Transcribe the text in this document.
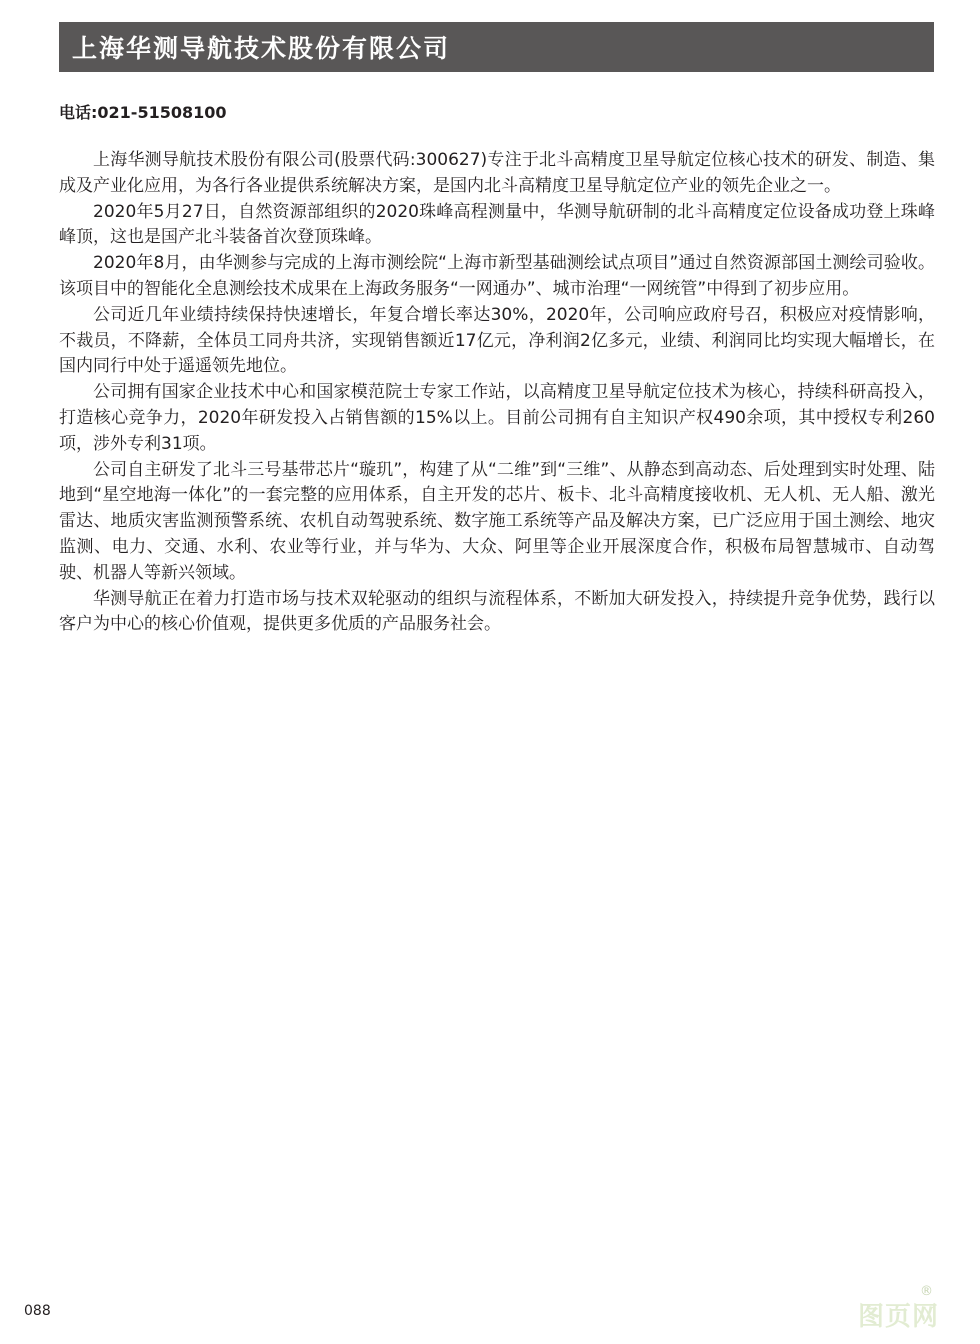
上海华测导航技术股份有限公司
电话:021-51508100

上海华测导航技术股份有限公司(股票代码:300627)专注于北斗高精度卫星导航定位核心技术的研发、制造、集成及产业化应用，为各行各业提供系统解决方案，是国内北斗高精度卫星导航定位产业的领先企业之一。

2020年5月27日，自然资源部组织的2020珠峰高程测量中，华测导航研制的北斗高精度定位设备成功登上珠峰峰顶，这也是国产北斗装备首次登顶珠峰。

2020年8月，由华测参与完成的上海市测绘院“上海市新型基础测绘试点项目”通过自然资源部国土测绘司验收。该项目中的智能化全息测绘技术成果在上海政务服务“一网通办”、城市治理“一网统管”中得到了初步应用。

公司近几年业绩持续保持快速增长，年复合增长率达30%，2020年，公司响应政府号召，积极应对疫情影响，不裁员，不降薪，全体员工同舟共济，实现销售额近17亿元，净利润2亿多元，业绩、利润同比均实现大幅增长，在国内同行中处于遥遥领先地位。

公司拥有国家企业技术中心和国家模范院士专家工作站，以高精度卫星导航定位技术为核心，持续科研高投入，打造核心竞争力，2020年研发投入占销售额的15%以上。目前公司拥有自主知识产权490余项，其中授权专利260项，涉外专利31项。

公司自主研发了北斗三号基带芯片“璇玑”，构建了从“二维”到“三维”、从静态到高动态、后处理到实时处理、陆地到“星空地海一体化”的一套完整的应用体系，自主开发的芯片、板卡、北斗高精度接收机、无人机、无人船、激光雷达、地质灾害监测预警系统、农机自动驾驶系统、数字施工系统等产品及解决方案，已广泛应用于国土测绘、地灾监测、电力、交通、水利、农业等行业，并与华为、大众、阿里等企业开展深度合作，积极布局智慧城市、自动驾驶、机器人等新兴领域。

华测导航正在着力打造市场与技术双轮驱动的组织与流程体系，不断加大研发投入，持续提升竞争优势，践行以客户为中心的核心价值观，提供更多优质的产品服务社会。

088	图页网
®
